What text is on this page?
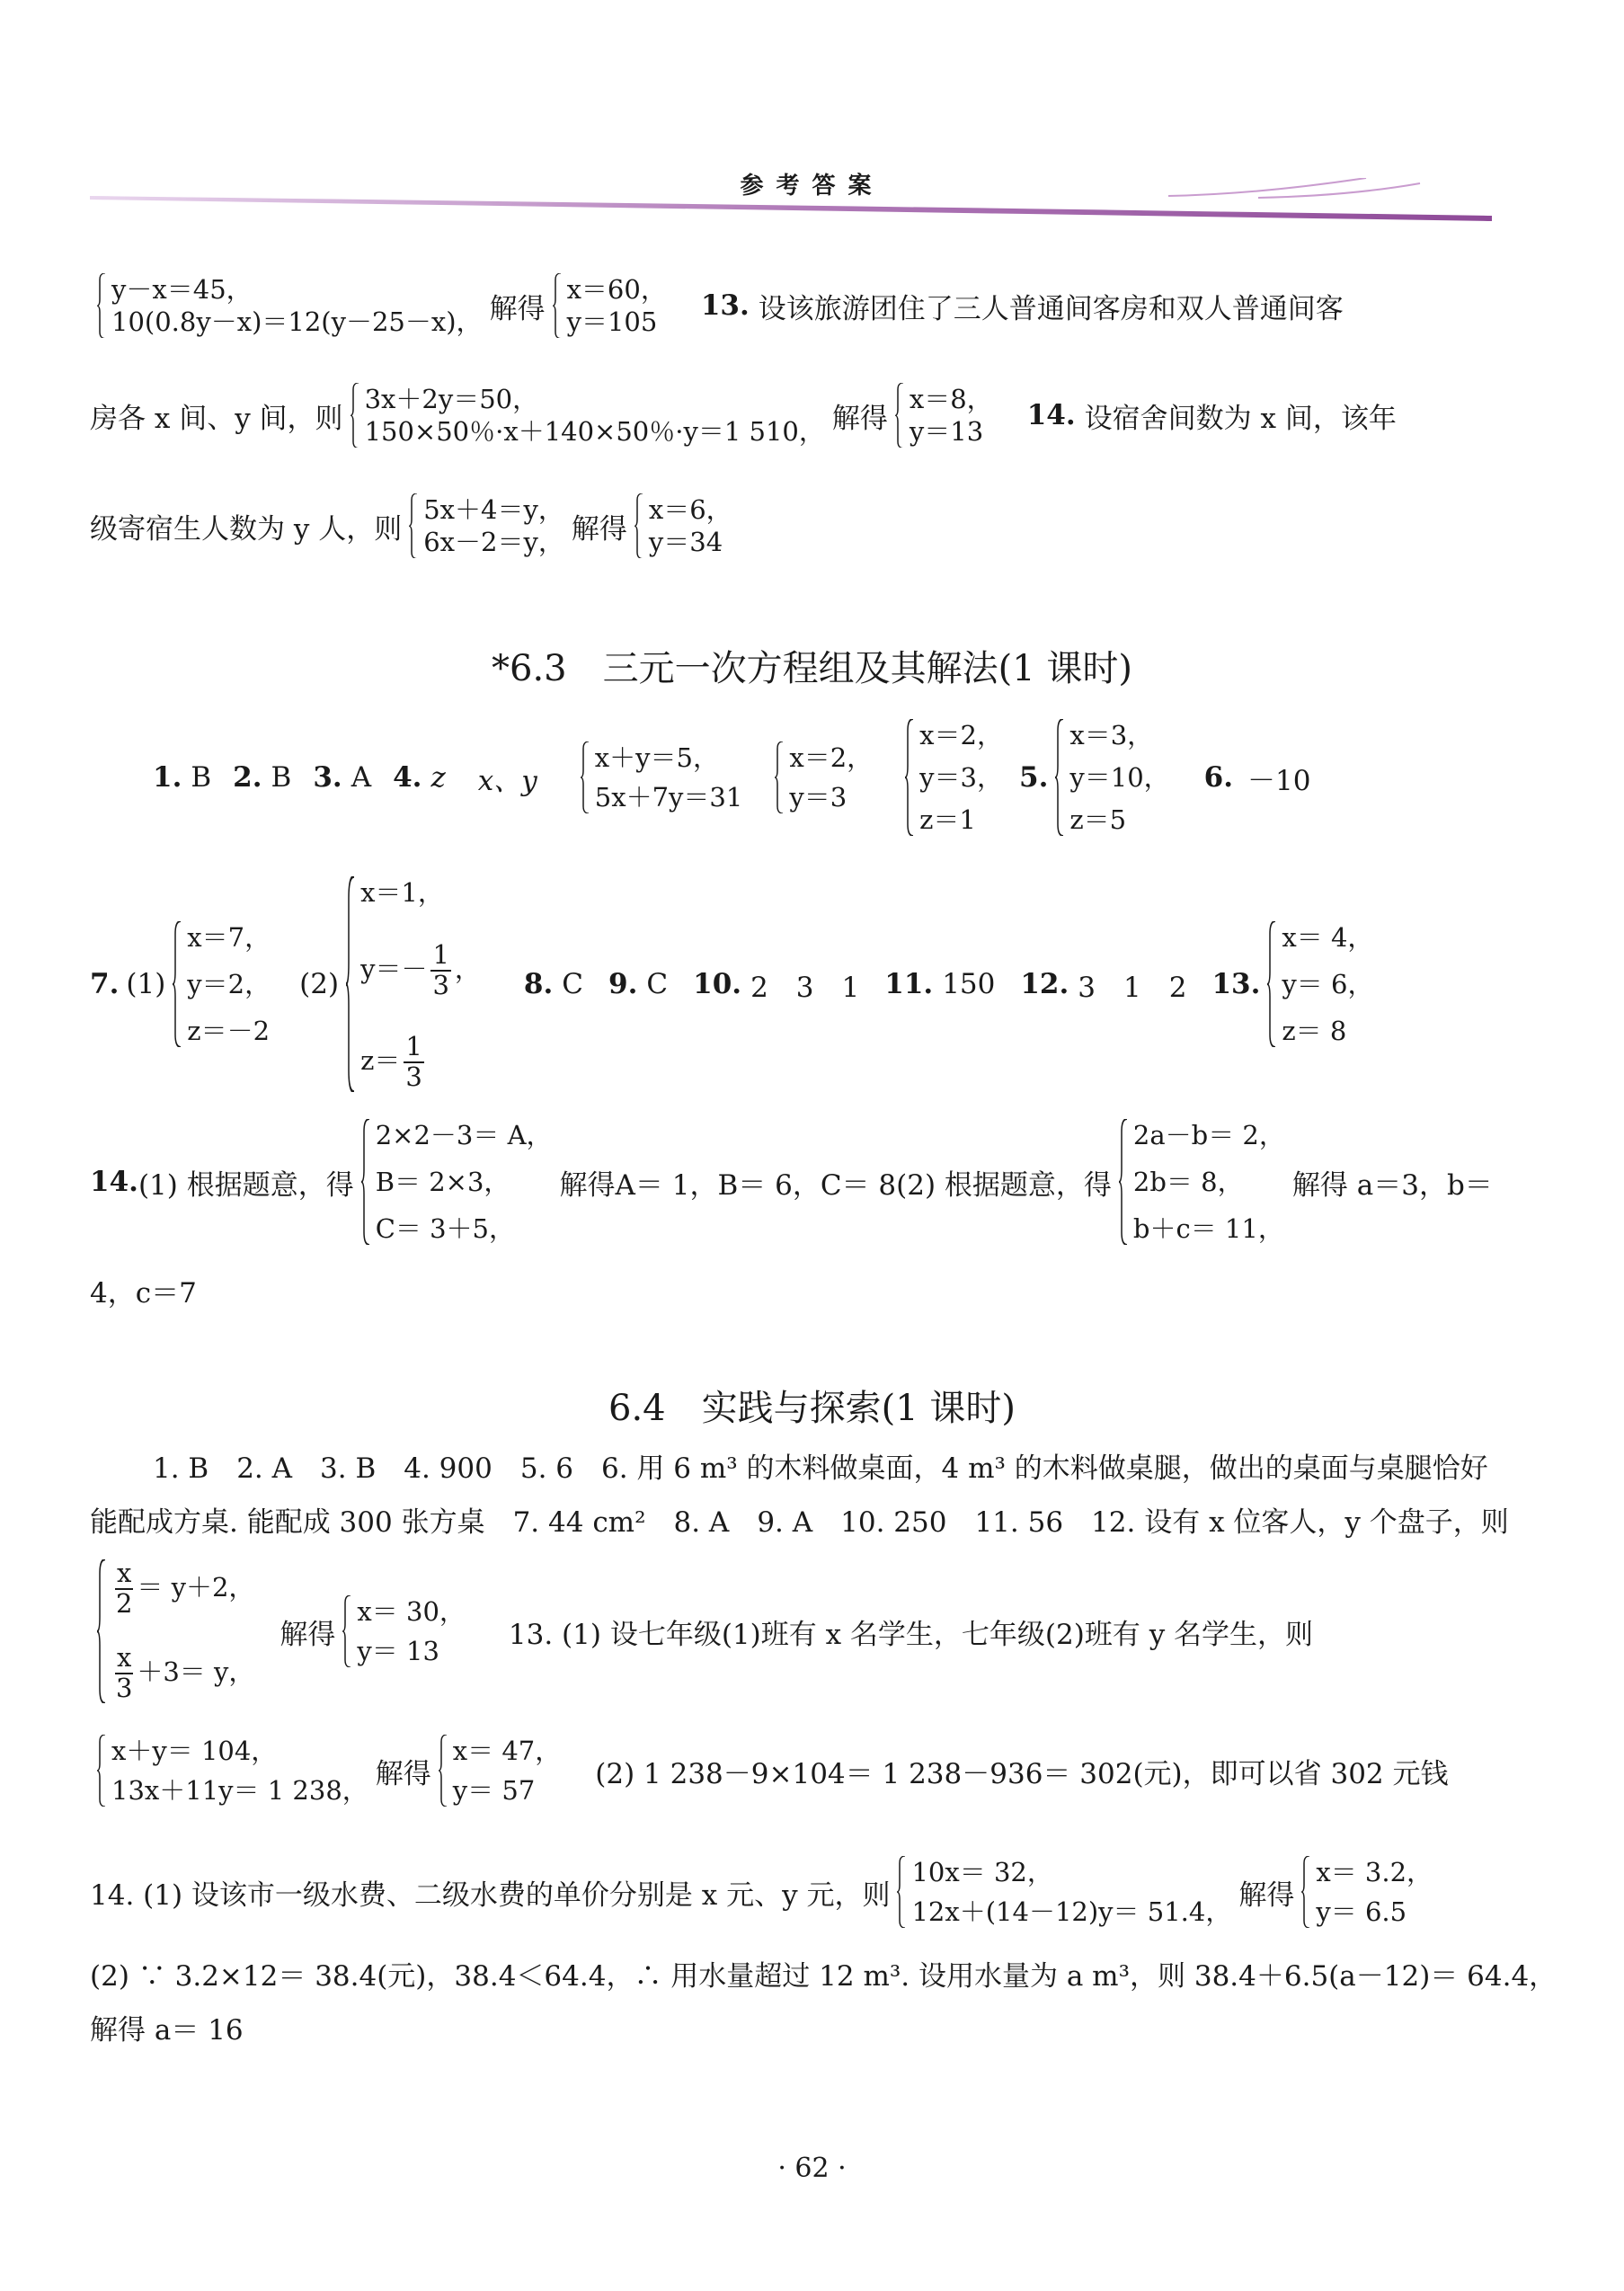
参考答案
y－x＝45，
10(0.8y－x)＝12(y－25－x)， 解得
x＝60，
y＝105	13. 设该旅游团住了三人普通间客房和双人普通间客
房各 x 间、y 间，则
3x＋2y＝50，
150×50％·x＋140×50％·y＝1 510， 解得
x＝8，
y＝13	14. 设宿舍间数为 x 间，该年
级寄宿生人数为 y 人，则
5x＋4＝y，
6x－2＝y， 解得
x＝6，
y＝34
*6.3　三元一次方程组及其解法(1 课时)
1. B 2. B 3. A 4. z x、y
x＋y＝5，
5x＋7y＝31
x＝2，
y＝3
x＝2，
y＝3，
z＝1
5.
x＝3，
y＝10，
z＝5
6. －10
7. (1)
x＝7，
y＝2，
z＝－2
(2)
x＝1，
$y=- \frac{1}{3}$ ，
$z= \frac{1}{3}$
8. C 9. C 10. 2　3　1 11. 150 12. 3　1　2 13.
x＝ 4，
y＝ 6，
z＝ 8
14. (1) 根据题意，得
2×2－3＝ A，
B＝ 2×3，
C＝ 3＋5，
解得A＝ 1，B＝ 6，C＝ 8 (2) 根据题意，得
2a－b＝ 2，
2b＝ 8，
b＋c＝ 11，
解得 a＝3，b＝
4，c＝7
6.4　实践与探索(1 课时)
1. B　2. A　3. B　4. 900　5. 6　6. 用 6 m³ 的木料做桌面，4 m³ 的木料做桌腿，做出的桌面与桌腿恰好
能配成方桌. 能配成 300 张方桌　7. 44 cm²　8. A　9. A　10. 250　11. 56　12. 设有 x 位客人，y 个盘子，则
$\frac{x}{2} = y+2$，
$\frac{x}{3} +3= y$，
解得
x＝ 30，
y＝ 13
13. (1) 设七年级(1)班有 x 名学生，七年级(2)班有 y 名学生，则
x＋y＝ 104，
13x＋11y＝ 1 238，
解得
x＝ 47，
y＝ 57
(2) 1 238－9×104＝ 1 238－936＝ 302(元)，即可以省 302 元钱
14. (1) 设该市一级水费、二级水费的单价分别是 x 元、y 元，则
10x＝ 32，
12x＋(14－12)y＝ 51.4，
解得
x＝ 3.2，
y＝ 6.5
(2) ∵ 3.2×12＝ 38.4(元)，38.4＜64.4，∴ 用水量超过 12 m³. 设用水量为 a m³，则 38.4＋6.5(a－12)＝ 64.4，
解得 a＝ 16
· 62 ·
